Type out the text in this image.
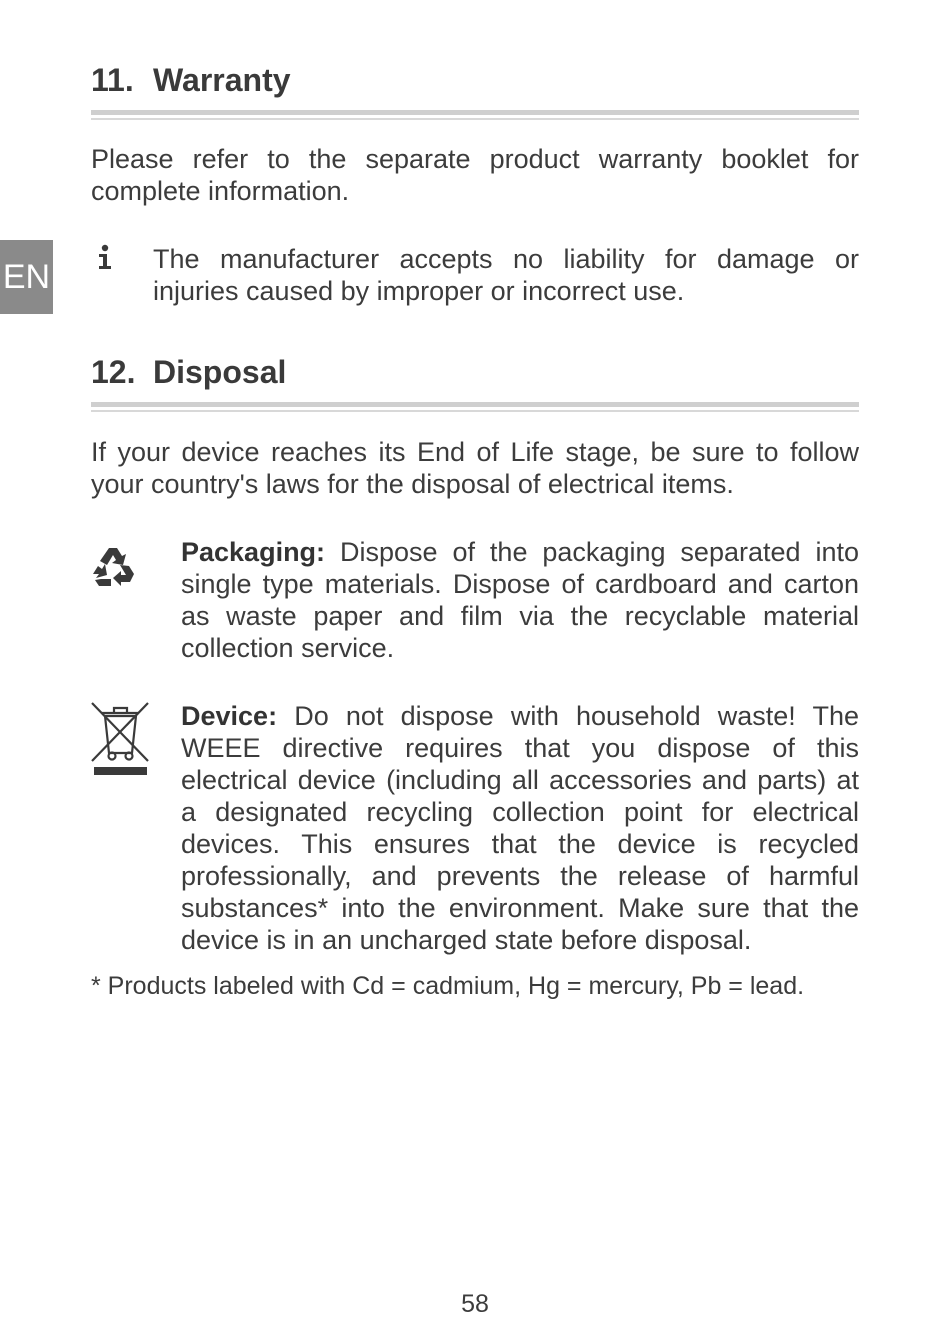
EN
11. Warranty

Please refer to the separate product warranty booklet for complete information.

The manufacturer accepts no liability for damage or injuries caused by improper or incorrect use.

12. Disposal

If your device reaches its End of Life stage, be sure to follow your country's laws for the disposal of electrical items.

Packaging: Dispose of the packaging separated into single type materials. Dispose of cardboard and carton as waste paper and film via the recyclable material collection service.

Device: Do not dispose with household waste! The WEEE directive requires that you dispose of this electrical device (including all accessories and parts) at a designated recycling collection point for electrical devices. This ensures that the device is recycled professionally, and prevents the release of harmful substances* into the environment. Make sure that the device is in an uncharged state before disposal.

* Products labeled with Cd = cadmium, Hg = mercury, Pb = lead.

58
